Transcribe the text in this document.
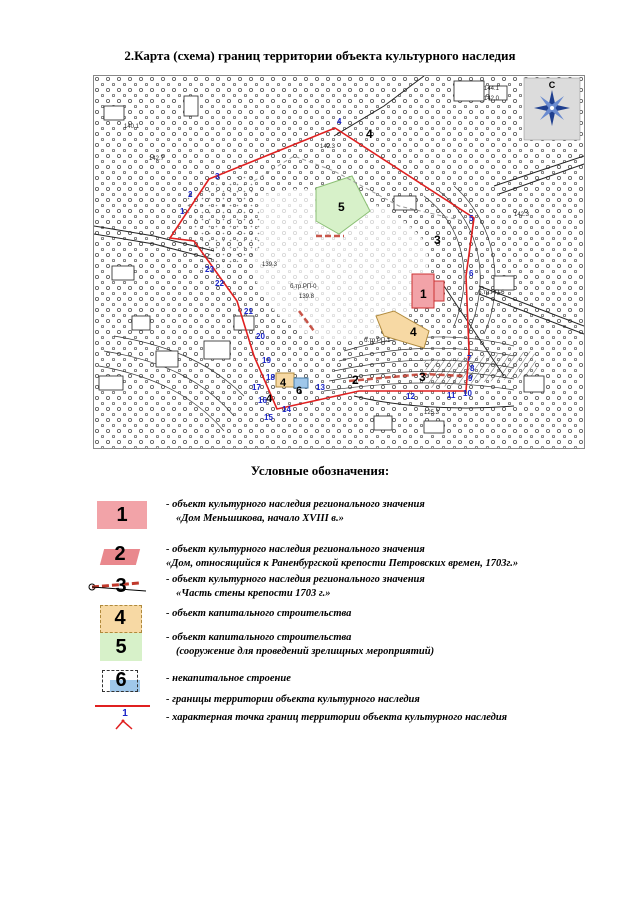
2.Карта (схема) границ территории объекта культурного наследия
С
1
2
3
3
4
4
4
4
5
6
140.1
142.3
142.7
142.3
139.3
139.8
125.3
142.0
144.1
б.тр.РП-0
б.тр.РП-6
б.тр.РП-1
1
2
3
4
5
6
7
8
9
10
11
12
13
14
15
16
17
18
19
20
21
22
23
Условные обозначения:
1	- объект культурного наследия регионального значения
«Дом Меньшикова, начало XVIII в.»
2	- объект культурного наследия регионального значения
«Дом, относящийся к Раненбургской крепости Петровских времен, 1703г.»
3	- объект культурного наследия регионального значения
«Часть стены крепости 1703 г.»
4	- объект капитального строительства
5	- объект капитального строительства
(сооружение для проведений зрелищных мероприятий)
6	- некапитальное строение
- границы территории объекта культурного наследия
1	- характерная точка границ территории объекта культурного наследия
